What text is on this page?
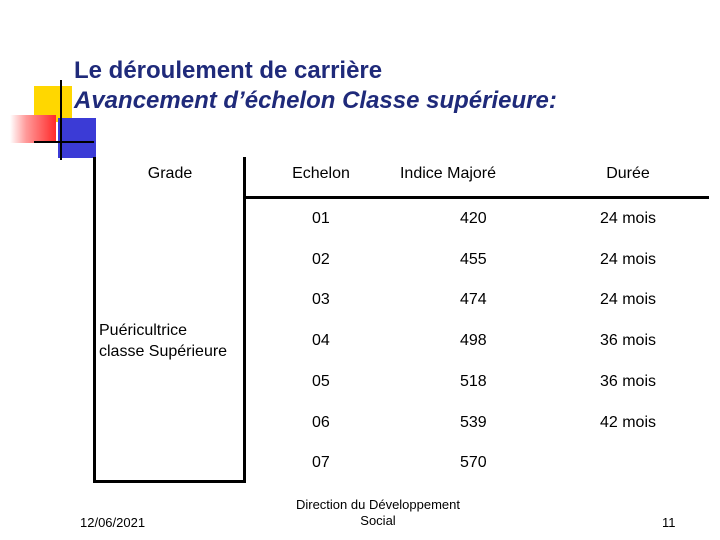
Le déroulement de carrière
Avancement d’échelon Classe supérieure:
Grade	Echelon	Indice Majoré	Durée
Puéricultrice
classe Supérieure
01	420	24 mois
02	455	24 mois
03	474	24 mois
04	498	36 mois
05	518	36 mois
06	539	42 mois
07	570
12/06/2021
Direction du Développement
Social	11
